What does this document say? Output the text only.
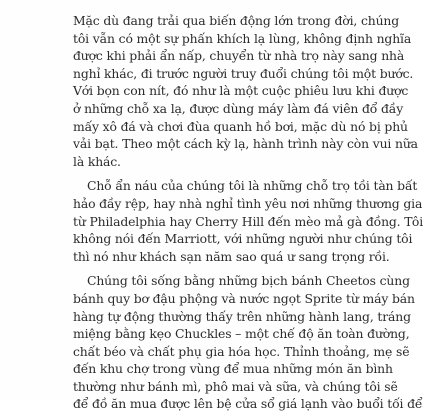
Mặc dù đang trải qua biến động lớn trong đời, chúng
tôi vẫn có một sự phấn khích lạ lùng, không định nghĩa
được khi phải ẩn nấp, chuyển từ nhà trọ này sang nhà
nghỉ khác, đi trước người truy đuổi chúng tôi một bước.
Với bọn con nít, đó như là một cuộc phiêu lưu khi được
ở những chỗ xa lạ, được dùng máy làm đá viên đổ đầy
mấy xô đá và chơi đùa quanh hồ bơi, mặc dù nó bị phủ
vải bạt. Theo một cách kỳ lạ, hành trình này còn vui nữa
là khác.

Chỗ ẩn náu của chúng tôi là những chỗ trọ tồi tàn bất
hảo đầy rệp, hay nhà nghỉ tình yêu nơi những thương gia
từ Philadelphia hay Cherry Hill đến mèo mả gà đồng. Tôi
không nói đến Marriott, với những người như chúng tôi
thì nó như khách sạn năm sao quá ư sang trọng rồi.

Chúng tôi sống bằng những bịch bánh Cheetos cùng
bánh quy bơ đậu phộng và nước ngọt Sprite từ máy bán
hàng tự động thường thấy trên những hành lang, tráng
miệng bằng kẹo Chuckles – một chế độ ăn toàn đường,
chất béo và chất phụ gia hóa học. Thỉnh thoảng, mẹ sẽ
đến khu chợ trong vùng để mua những món ăn bình
thường như bánh mì, phô mai và sữa, và chúng tôi sẽ
để đồ ăn mua được lên bệ cửa sổ giá lạnh vào buổi tối để
